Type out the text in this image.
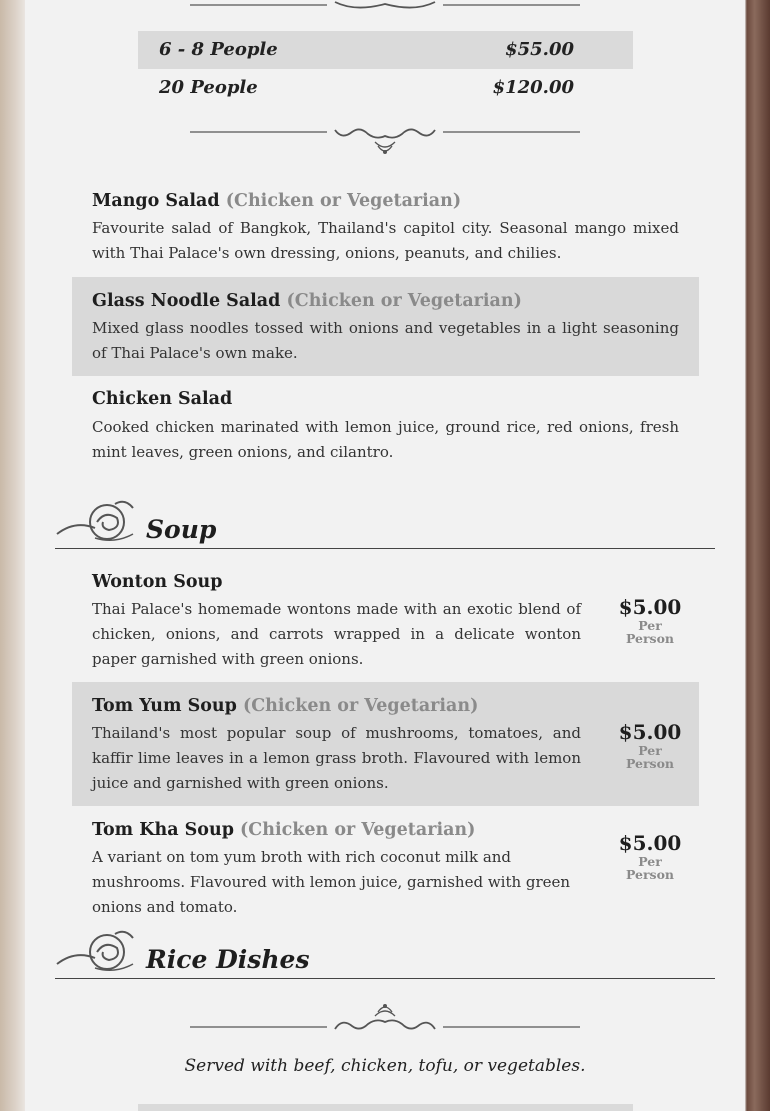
6 - 8 People	$55.00
20 People	$120.00
Mango Salad (Chicken or Vegetarian)
Favourite salad of Bangkok, Thailand's capitol city. Seasonal mango mixed with Thai Palace's own dressing, onions, peanuts, and chilies.
Glass Noodle Salad (Chicken or Vegetarian)
Mixed glass noodles tossed with onions and vegetables in a light seasoning of Thai Palace's own make.
Chicken Salad
Cooked chicken marinated with lemon juice, ground rice, red onions, fresh mint leaves, green onions, and cilantro.
Soup
Wonton Soup
Thai Palace's homemade wontons made with an exotic blend of chicken, onions, and carrots wrapped in a delicate wonton paper garnished with green onions.
$5.00
Per
Person
Tom Yum Soup (Chicken or Vegetarian)
Thailand's most popular soup of mushrooms, tomatoes, and kaffir lime leaves in a lemon grass broth. Flavoured with lemon juice and garnished with green onions.
$5.00
Per
Person
Tom Kha Soup (Chicken or Vegetarian)
A variant on tom yum broth with rich coconut milk and mushrooms. Flavoured with lemon juice, garnished with green onions and tomato.
$5.00
Per
Person
Rice Dishes
Served with beef, chicken, tofu, or vegetables.
